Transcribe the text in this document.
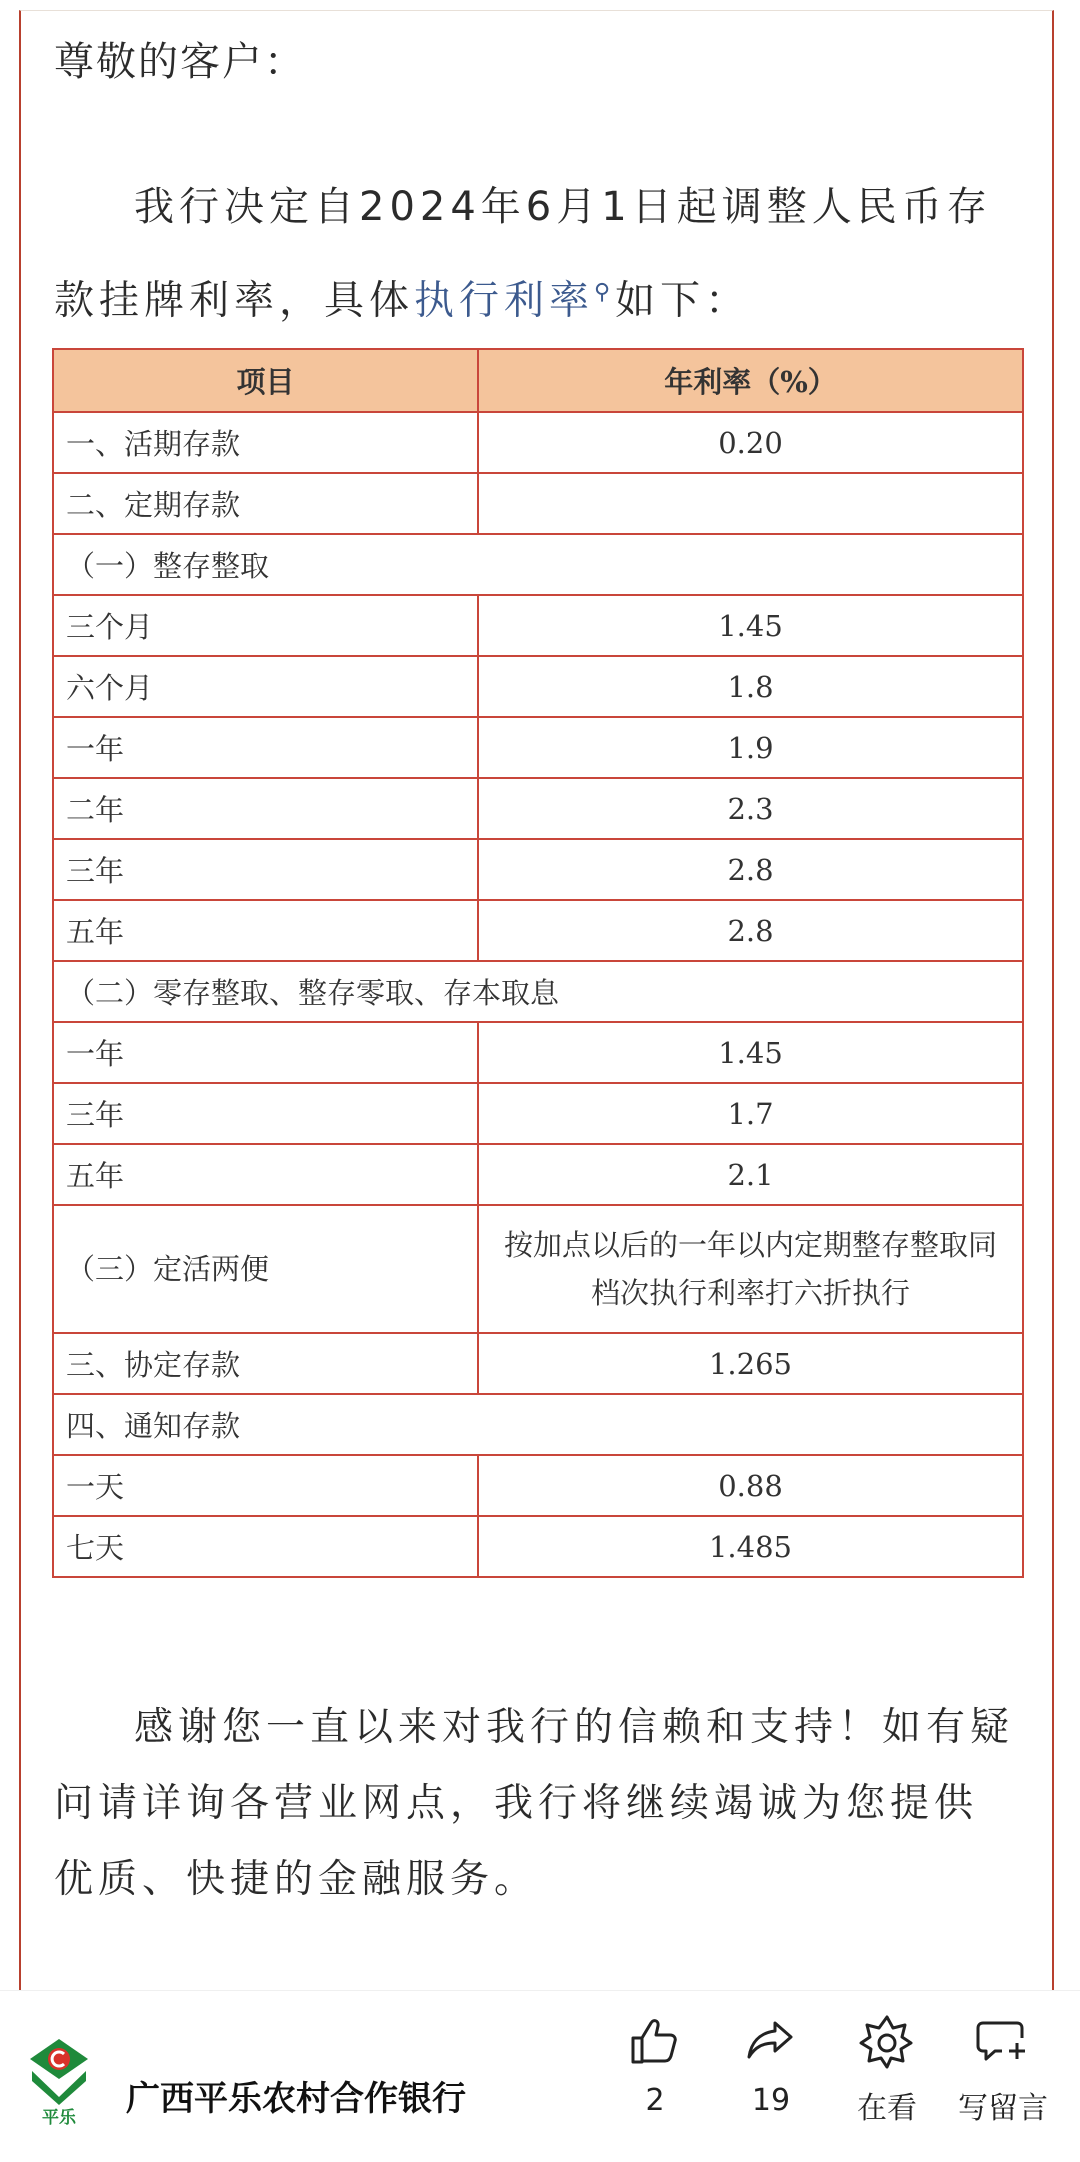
尊敬的客户：
我行决定自2024年6月1日起调整人民币存款挂牌利率，具体执行利率⚲如下：
项目	年利率（%）
一、活期存款	0.20
二、定期存款	
（一）整存整取	
三个月	1.45
六个月	1.8
一年	1.9
二年	2.3
三年	2.8
五年	2.8
（二）零存整取、整存零取、存本取息	
一年	1.45
三年	1.7
五年	2.1
（三）定活两便	按加点以后的一年以内定期整存整取同档次执行利率打六折执行
三、协定存款	1.265
四、通知存款	
一天	0.88
七天	1.485
感谢您一直以来对我行的信赖和支持！如有疑问请详询各营业网点，我行将继续竭诚为您提供优质、快捷的金融服务。
平乐 广西平乐农村合作银行	2	19	在看	写留言
